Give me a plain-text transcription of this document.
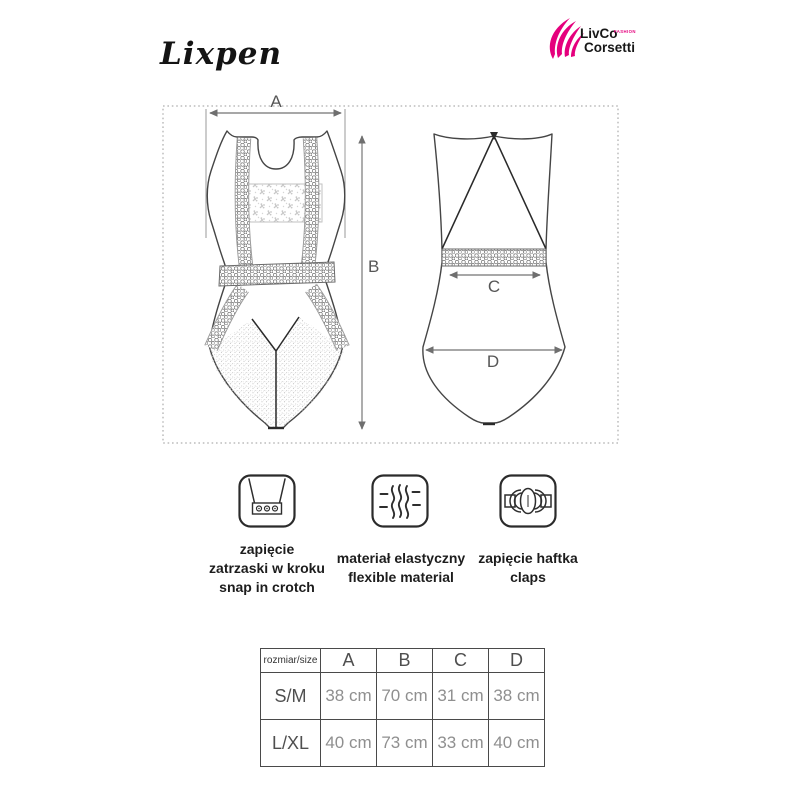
Lixpen
LivCo
FASHION
Corsetti
A
B
C
D
zapięcie
zatrzaski w kroku
snap in crotch
materiał elastyczny
flexible material
zapięcie haftka
claps
rozmiar/size	A	B	C	D
S/M	38 cm	70 cm	31 cm	38 cm
L/XL	40 cm	73 cm	33 cm	40 cm
